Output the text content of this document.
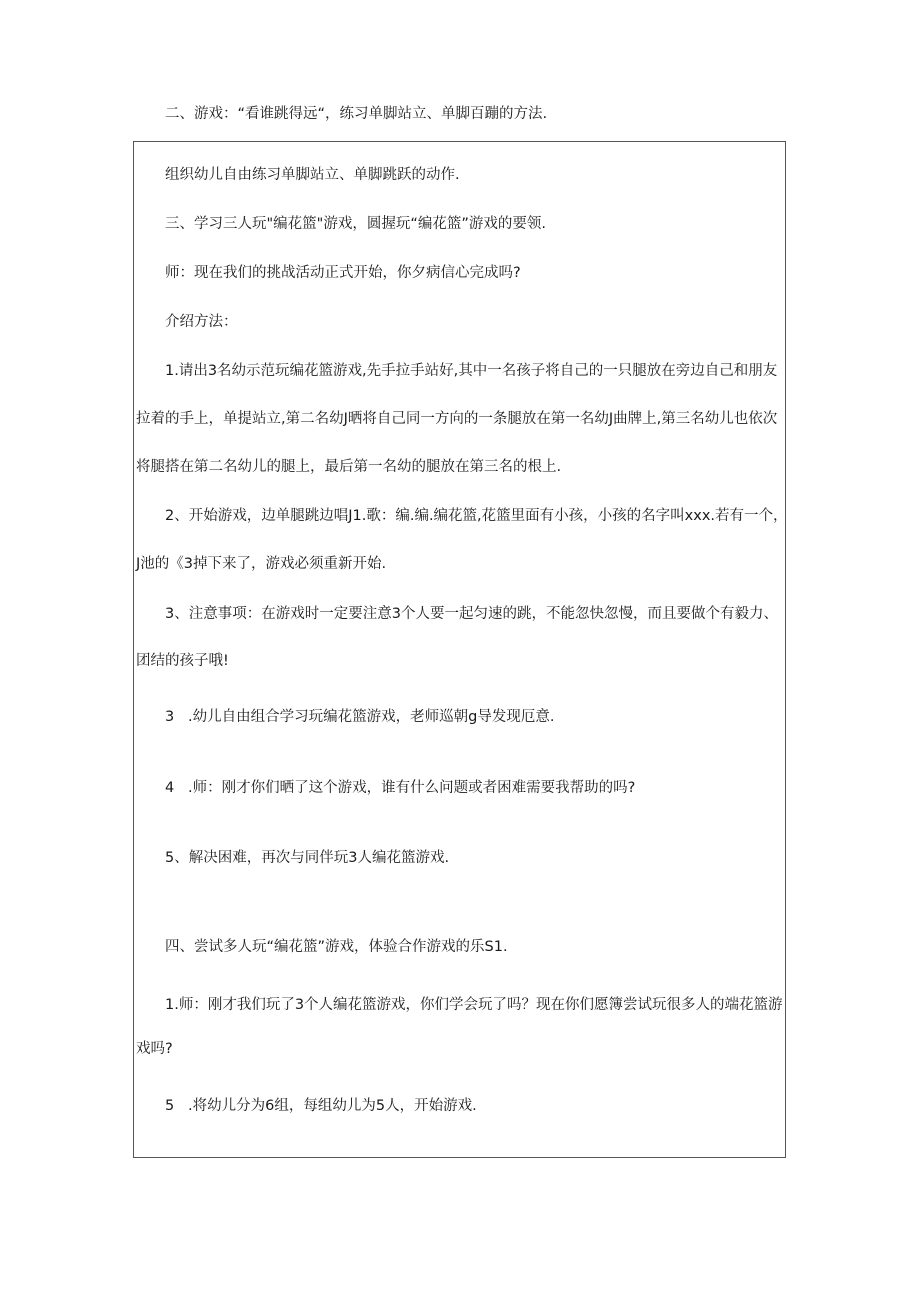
二、游戏：“看谁跳得远“，练习单脚站立、单脚百蹦的方法.
组织幼儿自由练习单脚站立、单脚跳跃的动作.
三、学习三人玩"编花篮"游戏，圆握玩“编花篮”游戏的要领.
师：现在我们的挑战活动正式开始，你夕病信心完成吗?
介绍方法：
1.请出3名幼示范玩编花篮游戏,先手拉手站好,其中一名孩子将自己的一只腿放在旁边自己和朋友
拉着的手上，单提站立,第二名幼J晒将自己同一方向的一条腿放在第一名幼J曲牌上,第三名幼儿也依次
将腿搭在第二名幼儿的腿上，最后第一名幼的腿放在第三名的根上.
2、开始游戏，边单腿跳边唱J1.歌：编.编.编花篮,花篮里面有小孩，小孩的名字叫xxx.若有一个，
J池的《3掉下来了，游戏必须重新开始.
3、注意事项：在游戏时一定要注意3个人要一起匀速的跳，不能忽快忽慢，而且要做个有毅力、
团结的孩子哦!
3   .幼儿自由组合学习玩编花篮游戏，老师巡朝g导发现厄意.
4   .师：刚才你们晒了这个游戏，谁有什么问题或者困难需要我帮助的吗?
5、解决困难，再次与同伴玩3人编花篮游戏.
四、尝试多人玩“编花篮”游戏，体验合作游戏的乐S1.
1.师：刚才我们玩了3个人编花篮游戏，你们学会玩了吗？现在你们愿簿尝试玩很多人的端花篮游
戏吗?
5   .将幼儿分为6组，每组幼儿为5人，开始游戏.
